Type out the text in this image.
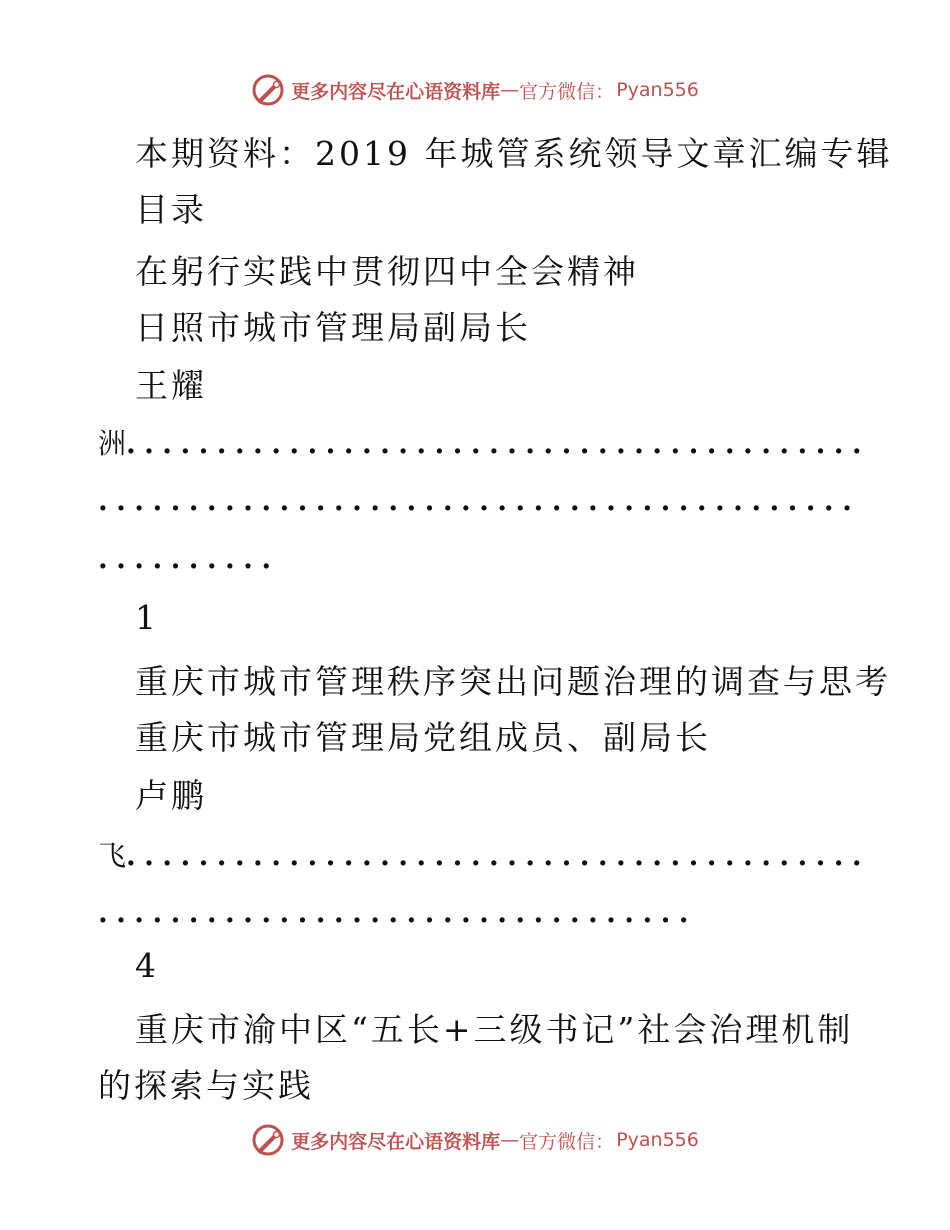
更多内容尽在心语资料库 — 官方微信： Pyan556
本期资料：2019 年城管系统领导文章汇编专辑
目录
在躬行实践中贯彻四中全会精神
日照市城市管理局副局长
王耀
洲.........................................
..........................................
..........
1
重庆市城市管理秩序突出问题治理的调查与思考
重庆市城市管理局党组成员、副局长
卢鹏
飞.........................................
.................................
4
重庆市渝中区“五长+三级书记”社会治理机制
的探索与实践
更多内容尽在心语资料库 — 官方微信： Pyan556
